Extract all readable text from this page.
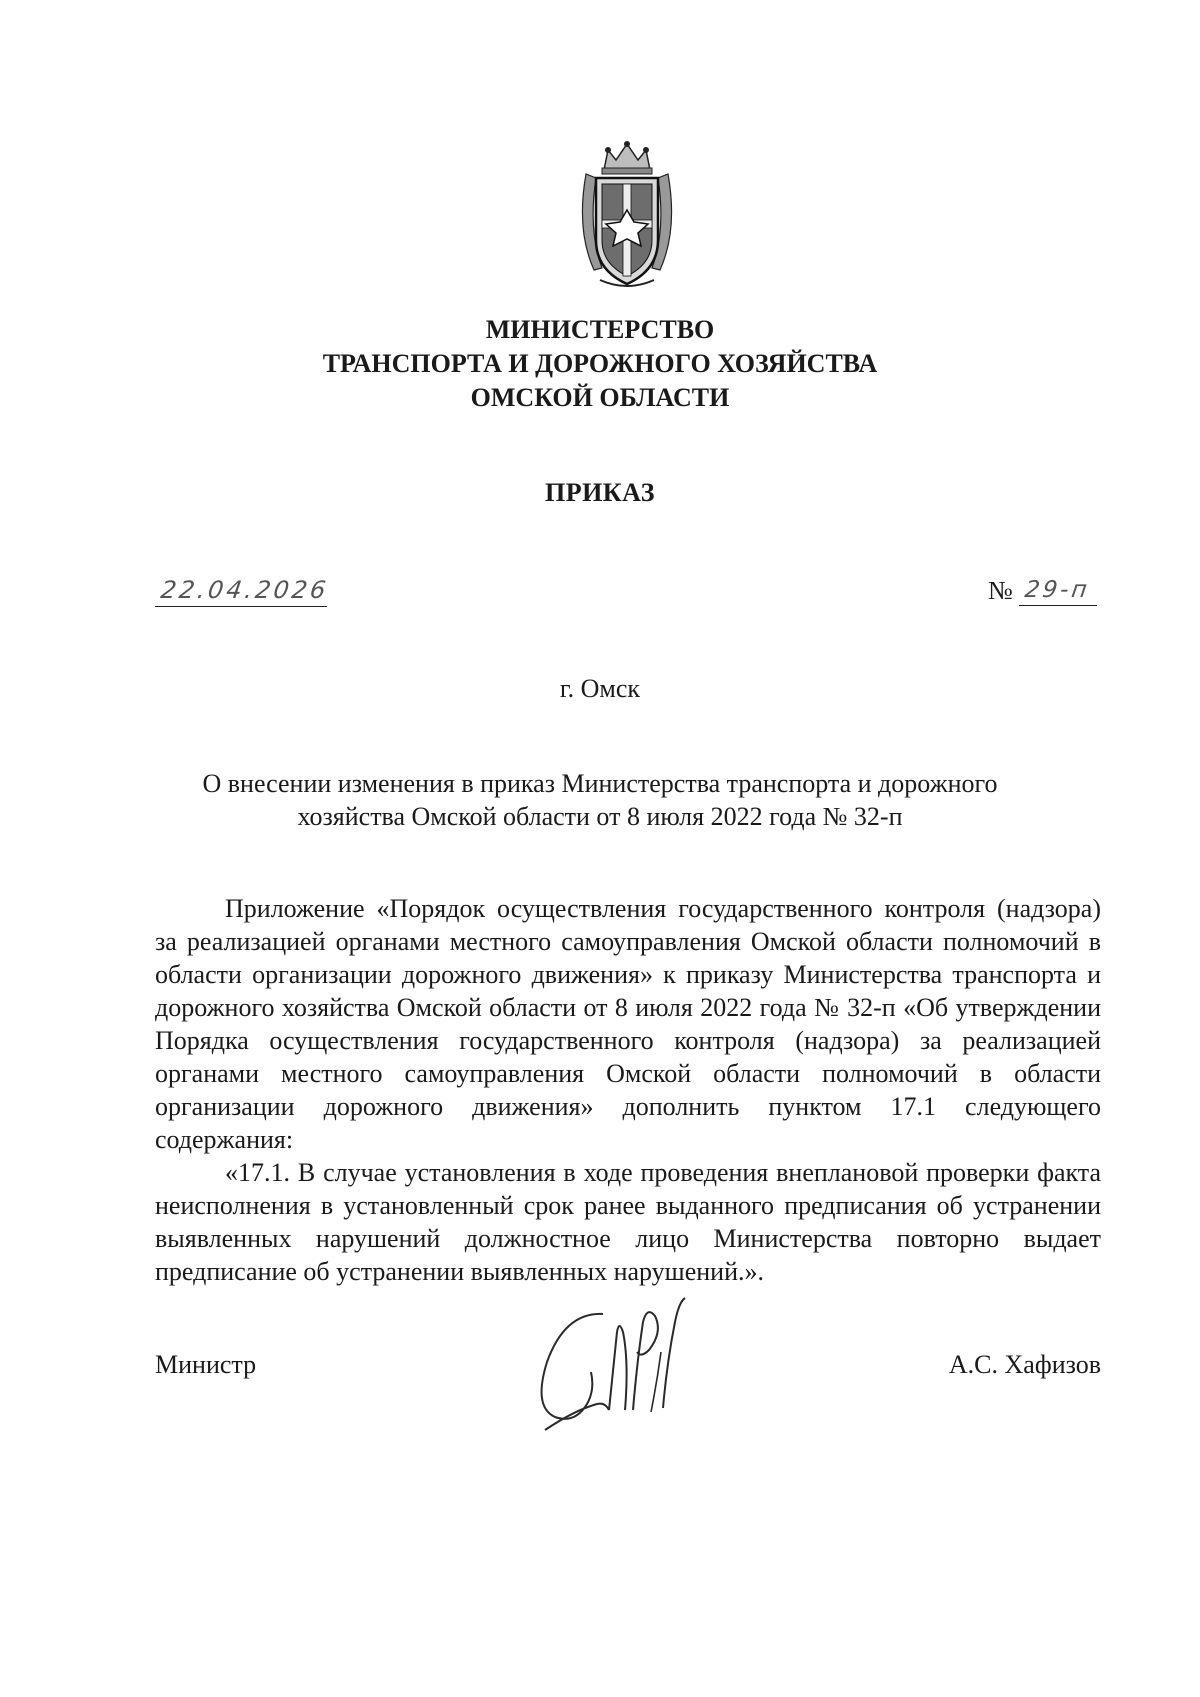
МИНИСТЕРСТВО
ТРАНСПОРТА И ДОРОЖНОГО ХОЗЯЙСТВА
ОМСКОЙ ОБЛАСТИ
ПРИКАЗ
22.04.2026	№ 29-п
г. Омск
О внесении изменения в приказ Министерства транспорта и дорожного
хозяйства Омской области от 8 июля 2022 года № 32-п

Приложение «Порядок осуществления государственного контроля (надзора) за реализацией органами местного самоуправления Омской области полномочий в области организации дорожного движения» к приказу Министерства транспорта и дорожного хозяйства Омской области от 8 июля 2022 года № 32-п «Об утверждении Порядка осуществления государственного контроля (надзора) за реализацией органами местного самоуправления Омской области полномочий в области организации дорожного движения» дополнить пунктом 17.1 следующего содержания:

«17.1. В случае установления в ходе проведения внеплановой проверки факта неисполнения в установленный срок ранее выданного предписания об устранении выявленных нарушений должностное лицо Министерства повторно выдает предписание об устранении выявленных нарушений.».

Министр	А.С. Хафизов
